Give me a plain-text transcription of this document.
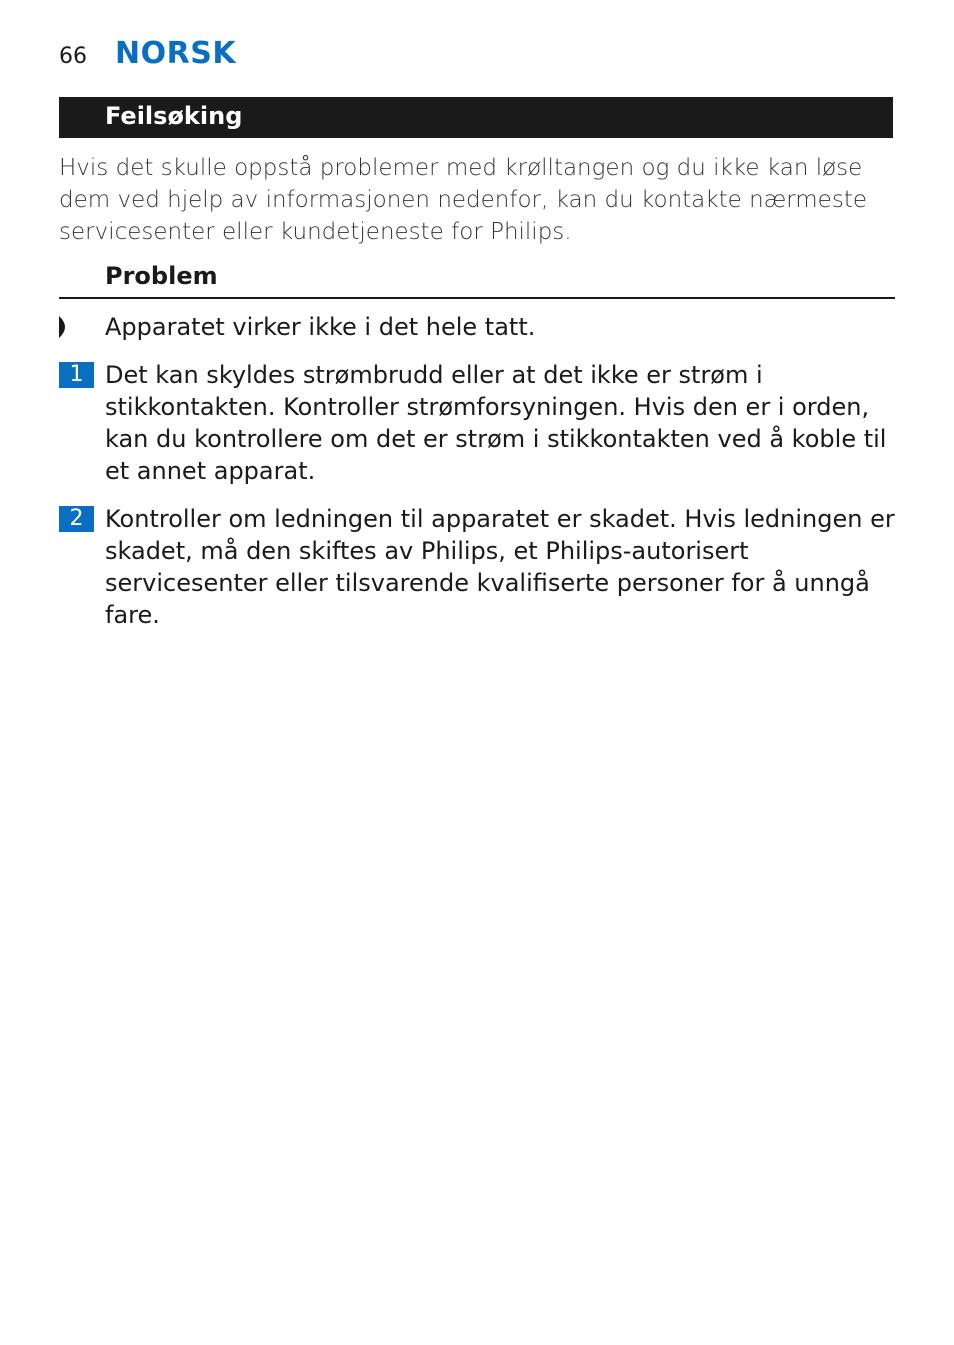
66 NORSK
Feilsøking

Hvis det skulle oppstå problemer med krølltangen og du ikke kan løse dem ved hjelp av informasjonen nedenfor, kan du kontakte nærmeste servicesenter eller kundetjeneste for Philips.

Problem
Apparatet virker ikke i det hele tatt.
1 Det kan skyldes strømbrudd eller at det ikke er strøm i stikkontakten. Kontroller strømforsyningen. Hvis den er i orden, kan du kontrollere om det er strøm i stikkontakten ved å koble til et annet apparat.
2 Kontroller om ledningen til apparatet er skadet. Hvis ledningen er skadet, må den skiftes av Philips, et Philips-autorisert servicesenter eller tilsvarende kvalifiserte personer for å unngå fare.
